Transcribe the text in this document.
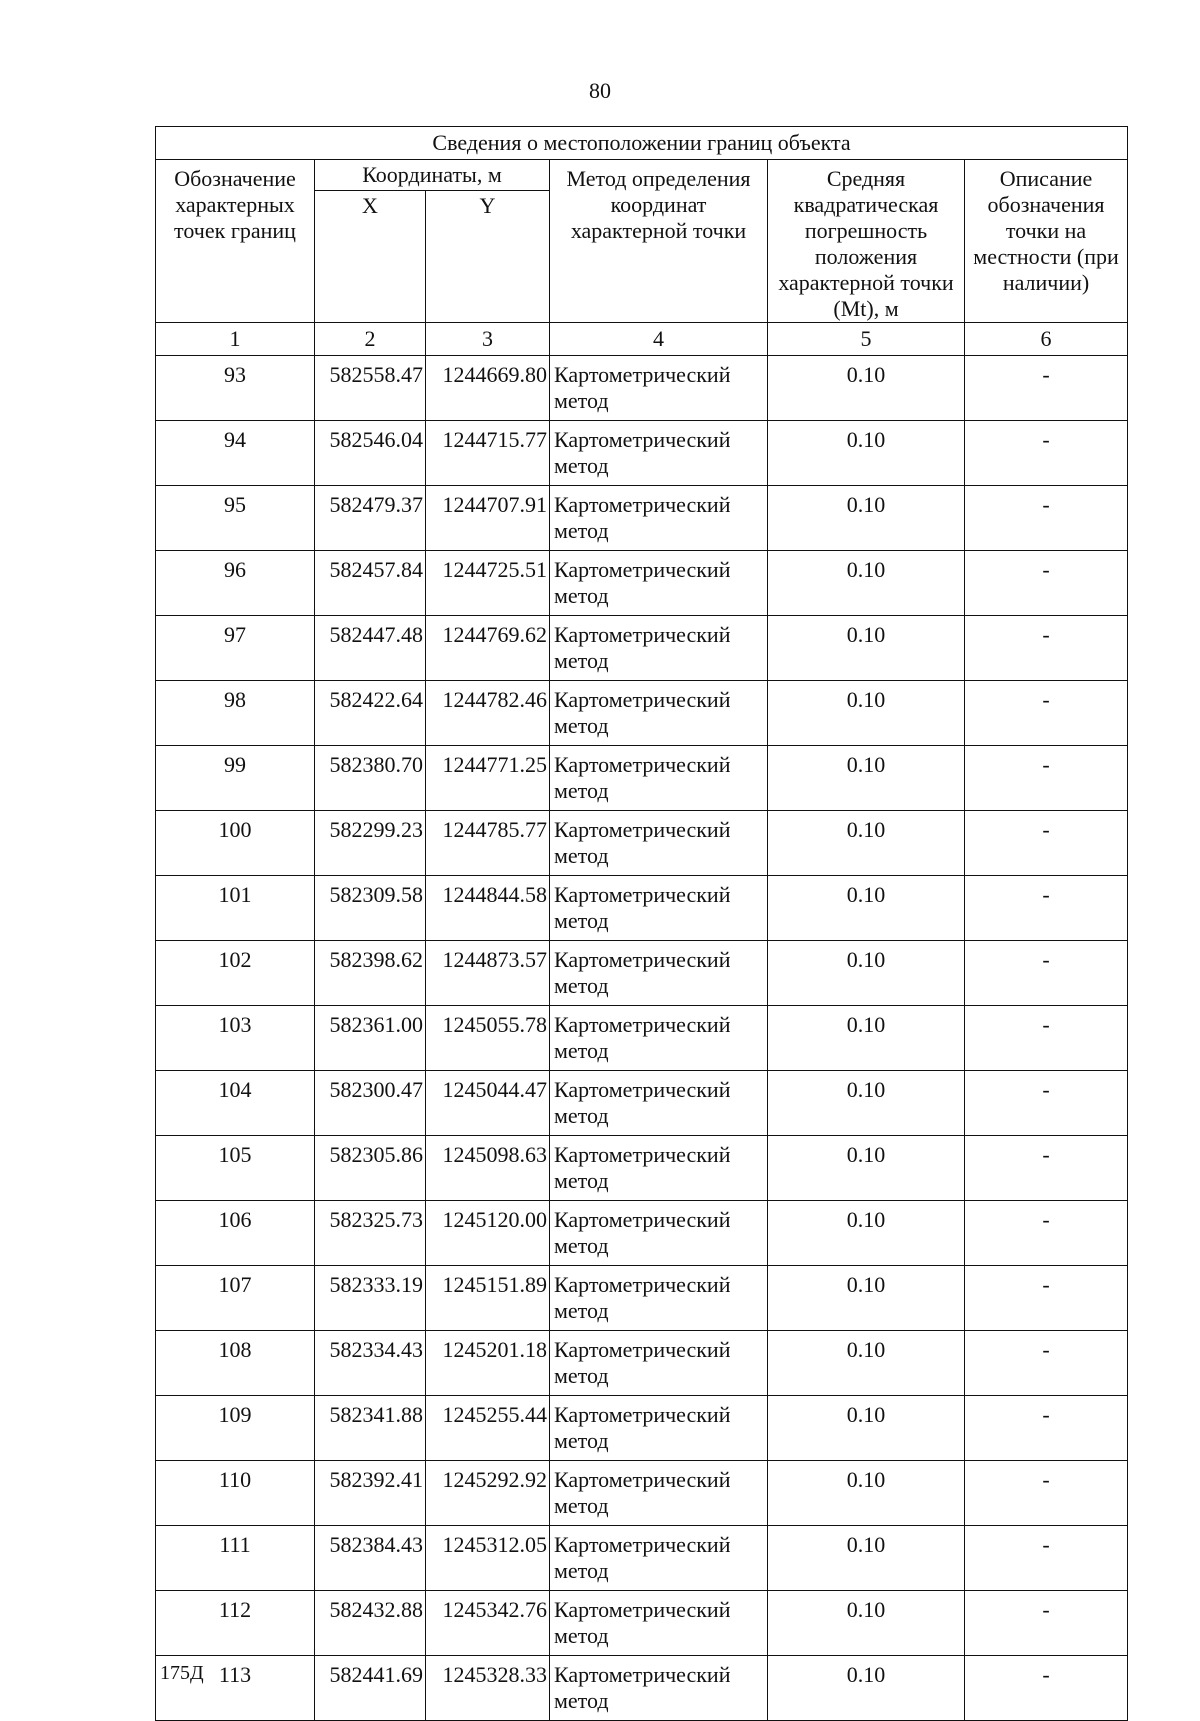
80
Сведения о местоположении границ объекта					
Обозначение характерных точек границ	Координаты, м		Метод определения координат характерной точки	Средняя квадратическая погрешность положения характерной точки (Mt), м	Описание обозначения точки на местности (при наличии)
	X	Y			
1	2	3	4	5	6
93	582558.47	1244669.80	Картометрический метод	0.10	-
94	582546.04	1244715.77	Картометрический метод	0.10	-
95	582479.37	1244707.91	Картометрический метод	0.10	-
96	582457.84	1244725.51	Картометрический метод	0.10	-
97	582447.48	1244769.62	Картометрический метод	0.10	-
98	582422.64	1244782.46	Картометрический метод	0.10	-
99	582380.70	1244771.25	Картометрический метод	0.10	-
100	582299.23	1244785.77	Картометрический метод	0.10	-
101	582309.58	1244844.58	Картометрический метод	0.10	-
102	582398.62	1244873.57	Картометрический метод	0.10	-
103	582361.00	1245055.78	Картометрический метод	0.10	-
104	582300.47	1245044.47	Картометрический метод	0.10	-
105	582305.86	1245098.63	Картометрический метод	0.10	-
106	582325.73	1245120.00	Картометрический метод	0.10	-
107	582333.19	1245151.89	Картометрический метод	0.10	-
108	582334.43	1245201.18	Картометрический метод	0.10	-
109	582341.88	1245255.44	Картометрический метод	0.10	-
110	582392.41	1245292.92	Картометрический метод	0.10	-
111	582384.43	1245312.05	Картометрический метод	0.10	-
112	582432.88	1245342.76	Картометрический метод	0.10	-
113	582441.69	1245328.33	Картометрический метод	0.10	-
175Д
